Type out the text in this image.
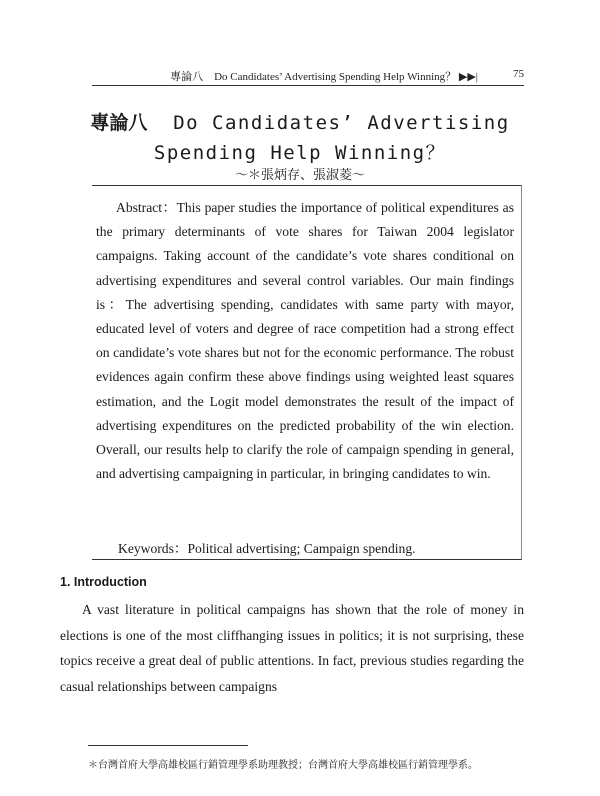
專論八　Do Candidates’ Advertising Spending Help Winning？ ▶▶|	75
專論八 Do Candidates’ Advertising
Spending Help Winning？
～＊張炳存、張淑菱～

Abstract：This paper studies the importance of political expenditures as the primary determinants of vote shares for Taiwan 2004 legislator campaigns. Taking account of the candidate’s vote shares conditional on advertising expenditures and several control variables. Our main findings is：The advertising spending, candidates with same party with mayor, educated level of voters and degree of race competition had a strong effect on candidate’s vote shares but not for the economic performance. The robust evidences again confirm these above findings using weighted least squares estimation, and the Logit model demonstrates the result of the impact of advertising expenditures on the predicted probability of the win election. Overall, our results help to clarify the role of campaign spending in general, and advertising campaigning in particular, in bringing candidates to win.

Keywords：Political advertising; Campaign spending.
1. Introduction

A vast literature in political campaigns has shown that the role of money in elections is one of the most cliffhanging issues in politics; it is not surprising, these topics receive a great deal of public attentions. In fact, previous studies regarding the casual relationships between campaigns

＊台灣首府大學高雄校區行銷管理學系助理教授；台灣首府大學高雄校區行銷管理學系。
